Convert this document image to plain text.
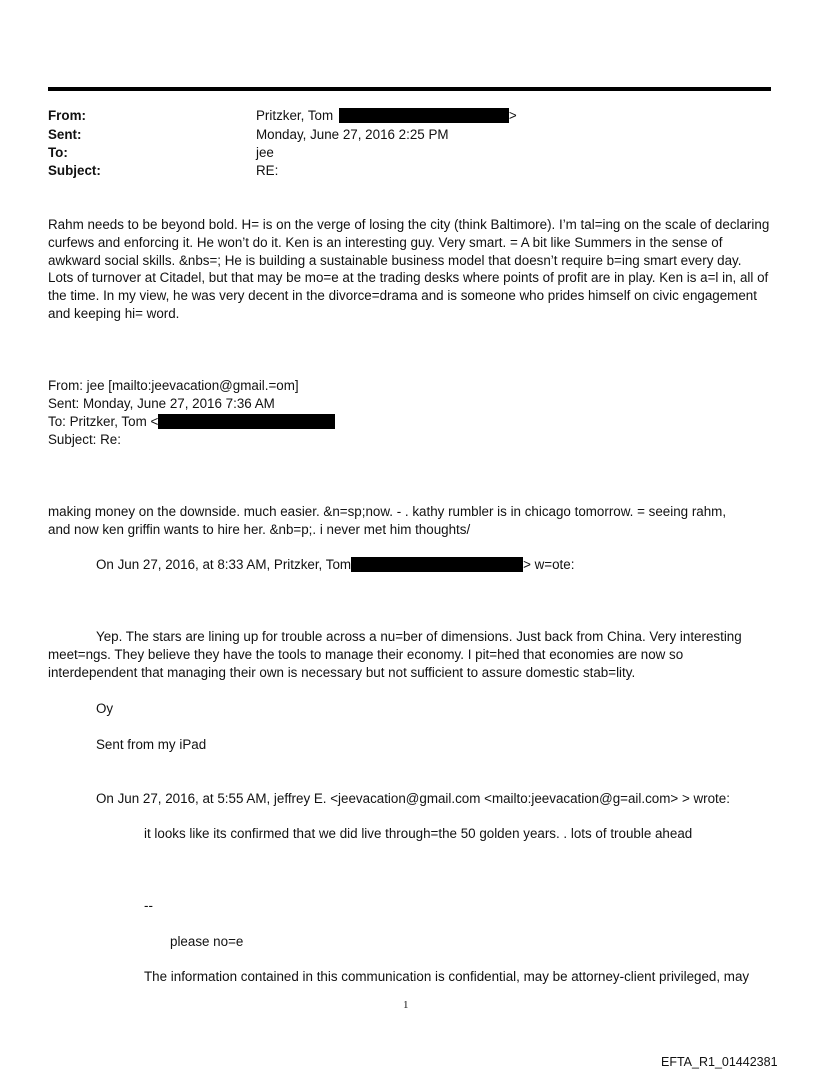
From:	Pritzker, Tom	>
Sent:	Monday, June 27, 2016 2:25 PM
To:	jee
Subject:	RE:

Rahm needs to be beyond bold. H= is on the verge of losing the city (think Baltimore). I’m tal=ing on the scale of declaring curfews and enforcing it. He won’t do it. Ken is an interesting guy. Very smart. = A bit like Summers in the sense of awkward social skills. &nbs=; He is building a sustainable business model that doesn’t require b=ing smart every day. Lots of turnover at Citadel, but that may be mo=e at the trading desks where points of profit are in play. Ken is a=l in, all of the time. In my view, he was very decent in the divorce=drama and is someone who prides himself on civic engagement and keeping hi= word.

From: jee [mailto:jeevacation@gmail.=om]
Sent: Monday, June 27, 2016 7:36 AM
To: Pritzker, Tom <
Subject: Re:
making money on the downside. much easier. &n=sp;now. - . kathy rumbler is in chicago tomorrow. = seeing rahm,
and now ken griffin wants to hire her. &nb=p;. i never met him thoughts/
On Jun 27, 2016, at 8:33 AM, Pritzker, Tom	> w=ote:

Yep. The stars are lining up for trouble across a nu=ber of dimensions. Just back from China. Very interesting meet=ngs. They believe they have the tools to manage their economy. I pit=hed that economies are now so interdependent that managing their own is necessary but not sufficient to assure domestic stab=lity.

Oy
Sent from my iPad
On Jun 27, 2016, at 5:55 AM, jeffrey E. <jeevacation@gmail.com <mailto:jeevacation@g=ail.com> > wrote:
it looks like its confirmed that we did live through=the 50 golden years. . lots of trouble ahead
--
please no=e
The information contained in this communication is confidential, may be attorney-client privileged, may
1
EFTA_R1_01442381
